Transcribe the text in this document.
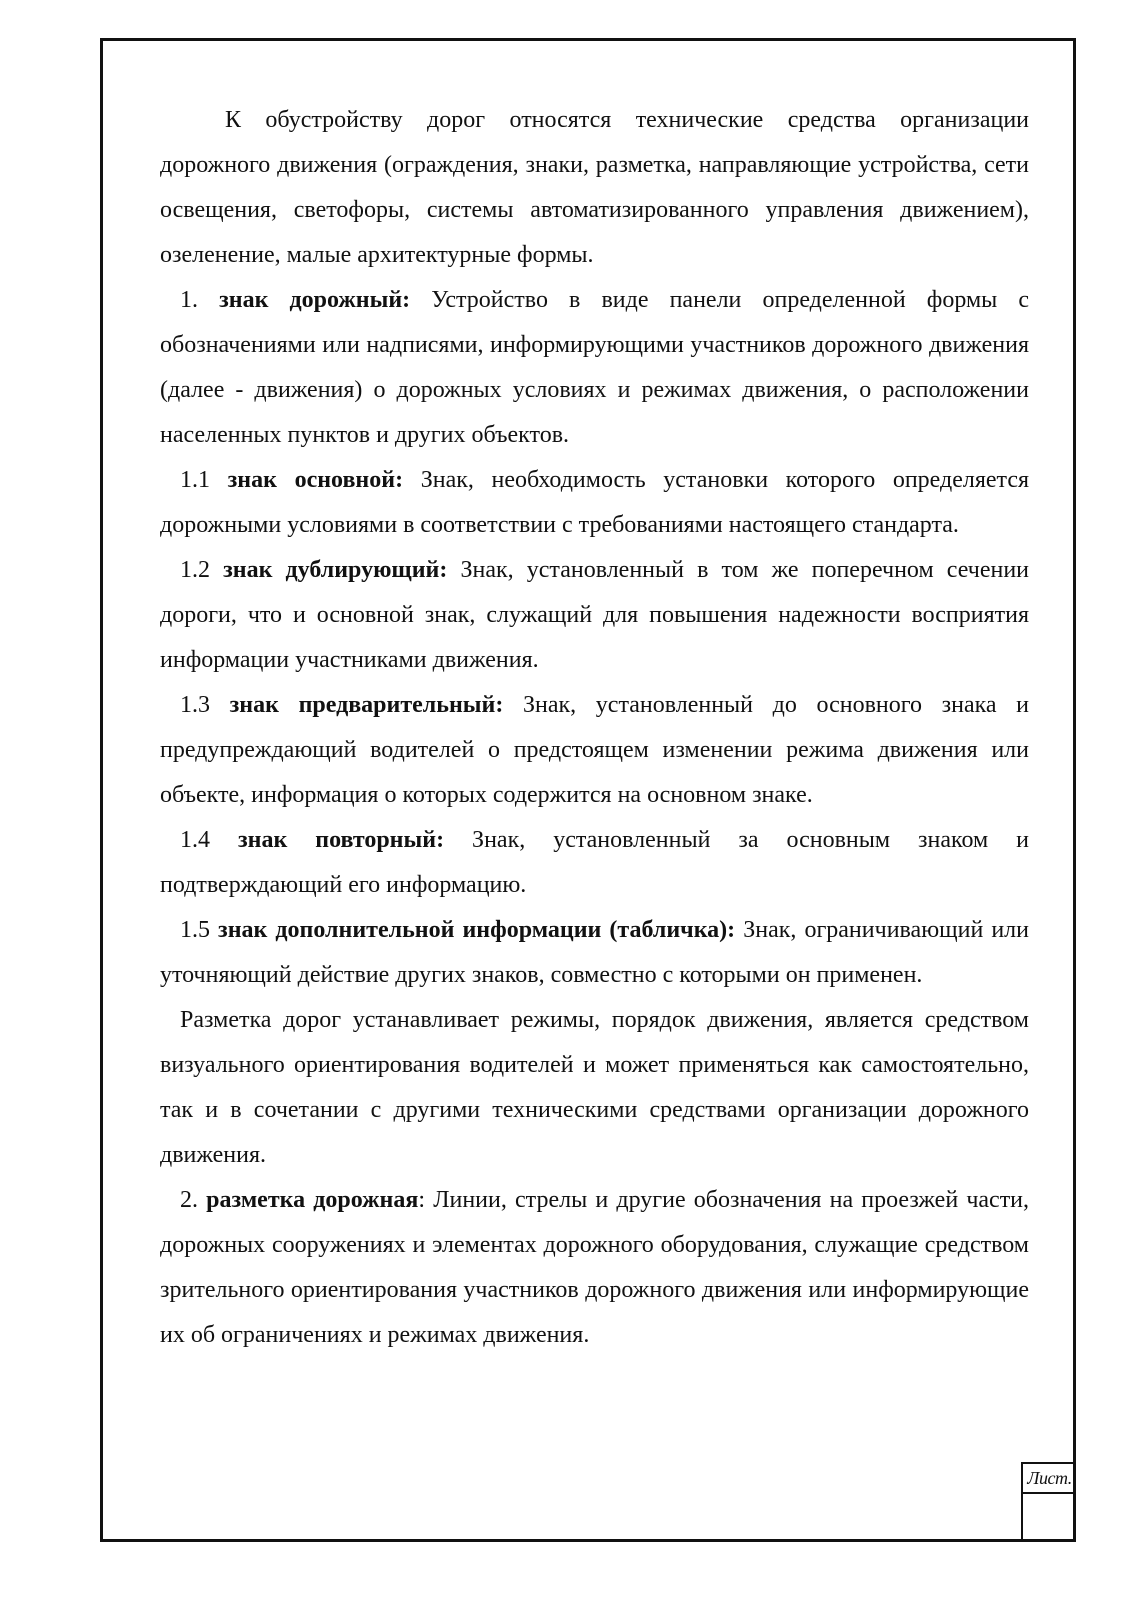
К обустройству дорог относятся технические средства организации дорожного движения (ограждения, знаки, разметка, направляющие устройства, сети освещения, светофоры, системы автоматизированного управления движением), озеленение, малые архитектурные формы.

1. знак дорожный: Устройство в виде панели определенной формы с обозначениями или надписями, информирующими участников дорожного движения (далее - движения) о дорожных условиях и режимах движения, о расположении населенных пунктов и других объектов.

1.1 знак основной: Знак, необходимость установки которого определяется дорожными условиями в соответствии с требованиями настоящего стандарта.

1.2 знак дублирующий: Знак, установленный в том же поперечном сечении дороги, что и основной знак, служащий для повышения надежности восприятия информации участниками движения.

1.3 знак предварительный: Знак, установленный до основного знака и предупреждающий водителей о предстоящем изменении режима движения или объекте, информация о которых содержится на основном знаке.

1.4 знак повторный: Знак, установленный за основным знаком и подтверждающий его информацию.

1.5 знак дополнительной информации (табличка): Знак, ограничивающий или уточняющий действие других знаков, совместно с которыми он применен.

Разметка дорог устанавливает режимы, порядок движения, является средством визуального ориентирования водителей и может применяться как самостоятельно, так и в сочетании с другими техническими средствами организации дорожного движения.

2. разметка дорожная: Линии, стрелы и другие обозначения на проезжей части, дорожных сооружениях и элементах дорожного оборудования, служащие средством зрительного ориентирования участников дорожного движения или информирующие их об ограничениях и режимах движения.

Лист.
